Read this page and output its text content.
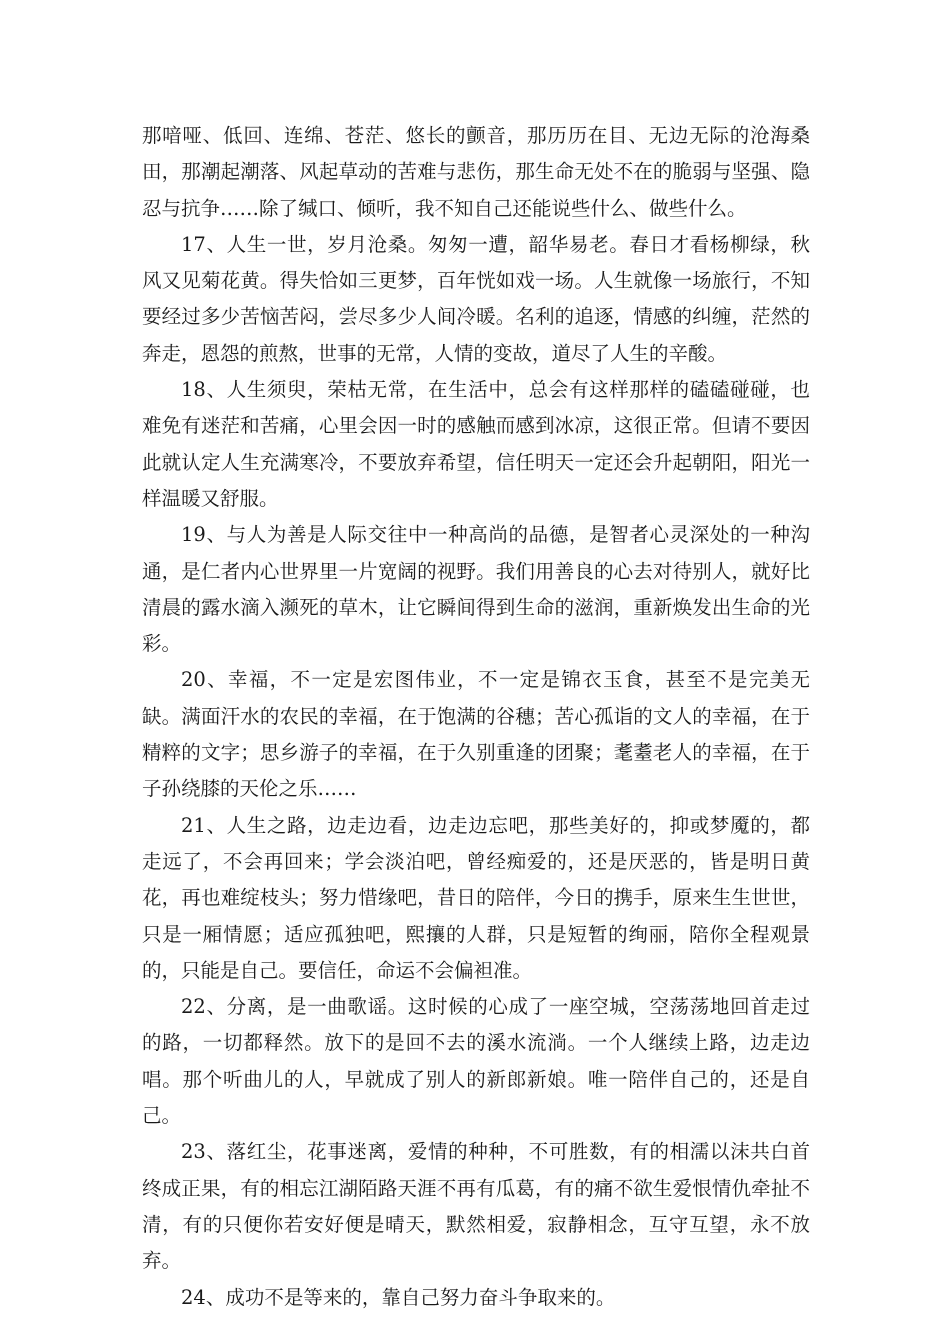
那喑哑、低回、连绵、苍茫、悠长的颤音，那历历在目、无边无际的沧海桑田，那潮起潮落、风起草动的苦难与悲伤，那生命无处不在的脆弱与坚强、隐忍与抗争……除了缄口、倾听，我不知自己还能说些什么、做些什么。

17、人生一世，岁月沧桑。匆匆一遭，韶华易老。春日才看杨柳绿，秋风又见菊花黄。得失恰如三更梦，百年恍如戏一场。人生就像一场旅行，不知要经过多少苦恼苦闷，尝尽多少人间冷暖。名利的追逐，情感的纠缠，茫然的奔走，恩怨的煎熬，世事的无常，人情的变故，道尽了人生的辛酸。

18、人生须臾，荣枯无常，在生活中，总会有这样那样的磕磕碰碰，也难免有迷茫和苦痛，心里会因一时的感触而感到冰凉，这很正常。但请不要因此就认定人生充满寒冷，不要放弃希望，信任明天一定还会升起朝阳，阳光一样温暖又舒服。

19、与人为善是人际交往中一种高尚的品德，是智者心灵深处的一种沟通，是仁者内心世界里一片宽阔的视野。我们用善良的心去对待别人，就好比清晨的露水滴入濒死的草木，让它瞬间得到生命的滋润，重新焕发出生命的光彩。

20、幸福，不一定是宏图伟业，不一定是锦衣玉食，甚至不是完美无缺。满面汗水的农民的幸福，在于饱满的谷穗；苦心孤诣的文人的幸福，在于精粹的文字；思乡游子的幸福，在于久别重逢的团聚；耄耋老人的幸福，在于子孙绕膝的天伦之乐……

21、人生之路，边走边看，边走边忘吧，那些美好的，抑或梦魇的，都走远了，不会再回来；学会淡泊吧，曾经痴爱的，还是厌恶的，皆是明日黄花，再也难绽枝头；努力惜缘吧，昔日的陪伴，今日的携手，原来生生世世，只是一厢情愿；适应孤独吧，熙攘的人群，只是短暂的绚丽，陪你全程观景的，只能是自己。要信任，命运不会偏袒准。

22、分离，是一曲歌谣。这时候的心成了一座空城，空荡荡地回首走过的路，一切都释然。放下的是回不去的溪水流淌。一个人继续上路，边走边唱。那个听曲儿的人，早就成了别人的新郎新娘。唯一陪伴自己的，还是自己。

23、落红尘，花事迷离，爱情的种种，不可胜数，有的相濡以沫共白首终成正果，有的相忘江湖陌路天涯不再有瓜葛，有的痛不欲生爱恨情仇牵扯不清，有的只便你若安好便是晴天，默然相爱，寂静相念，互守互望，永不放弃。

24、成功不是等来的，靠自己努力奋斗争取来的。
